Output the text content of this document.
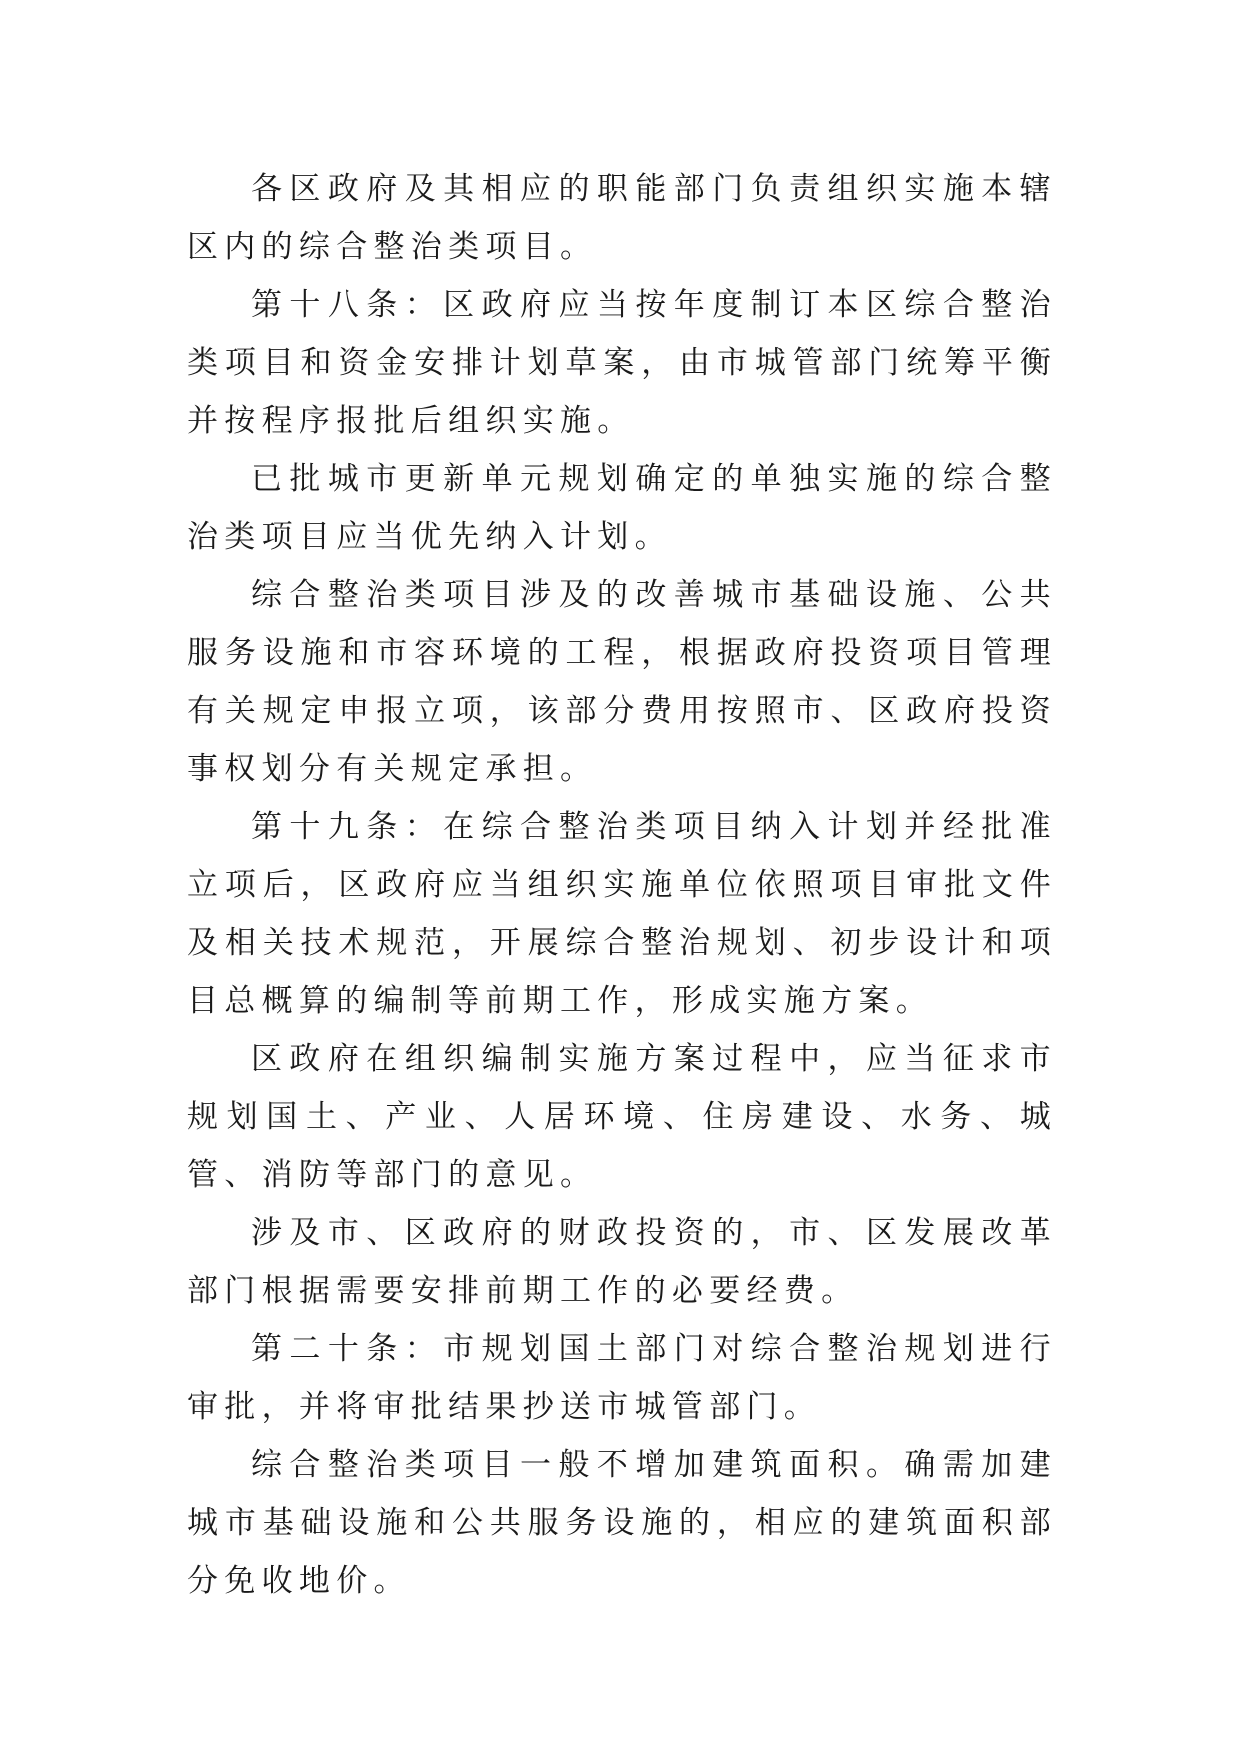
各区政府及其相应的职能部门负责组织实施本辖区内的综合整治类项目。

第十八条：区政府应当按年度制订本区综合整治类项目和资金安排计划草案，由市城管部门统筹平衡并按程序报批后组织实施。

已批城市更新单元规划确定的单独实施的综合整治类项目应当优先纳入计划。

综合整治类项目涉及的改善城市基础设施、公共服务设施和市容环境的工程，根据政府投资项目管理有关规定申报立项，该部分费用按照市、区政府投资事权划分有关规定承担。

第十九条：在综合整治类项目纳入计划并经批准立项后，区政府应当组织实施单位依照项目审批文件及相关技术规范，开展综合整治规划、初步设计和项目总概算的编制等前期工作，形成实施方案。

区政府在组织编制实施方案过程中，应当征求市规划国土、产业、人居环境、住房建设、水务、城管、消防等部门的意见。

涉及市、区政府的财政投资的，市、区发展改革部门根据需要安排前期工作的必要经费。

第二十条：市规划国土部门对综合整治规划进行审批，并将审批结果抄送市城管部门。

综合整治类项目一般不增加建筑面积。确需加建城市基础设施和公共服务设施的，相应的建筑面积部分免收地价。
